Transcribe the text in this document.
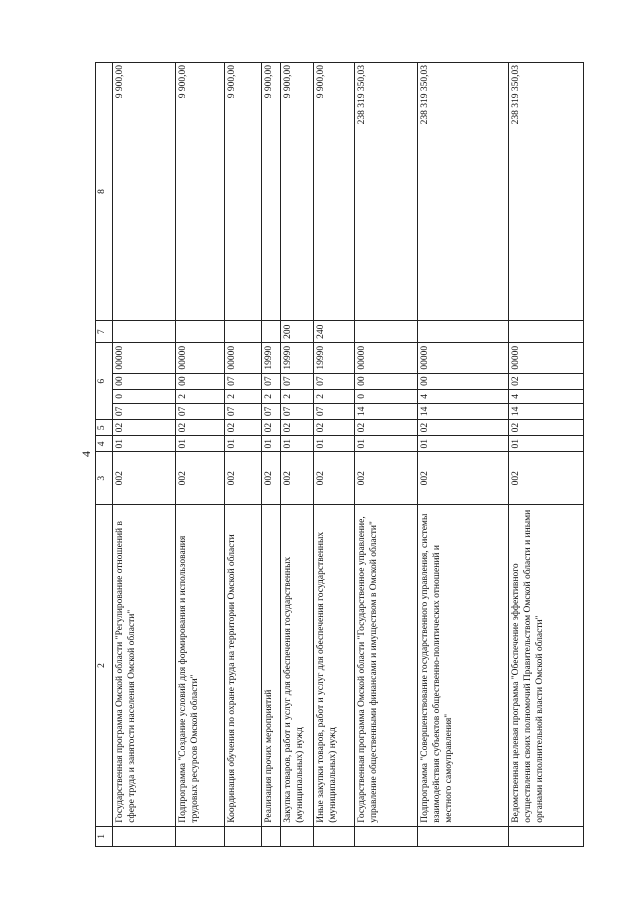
4
1	2	3	4	5	6				7	8
	Государственная программа Омской области "Регулирование отношений в сфере труда и занятости населения Омской области"	002	01	02	07	0	00	00000		9 900,00
	Подпрограмма "Создание условий для формирования и использования трудовых ресурсов Омской области"	002	01	02	07	2	00	00000		9 900,00
	Координация обучения по охране труда на территории Омской области	002	01	02	07	2	07	00000		9 900,00
	Реализация прочих мероприятий	002	01	02	07	2	07	19990		9 900,00
	Закупка товаров, работ и услуг для обеспечения государственных (муниципальных) нужд	002	01	02	07	2	07	19990	200	9 900,00
	Иные закупки товаров, работ и услуг для обеспечения государственных (муниципальных) нужд	002	01	02	07	2	07	19990	240	9 900,00
	Государственная программа Омской области "Государственное управление, управление общественными финансами и имуществом в Омской области"	002	01	02	14	0	00	00000		238 319 350,03
	Подпрограмма "Совершенствование государственного управления, системы взаимодействия субъектов общественно-политических отношений и местного самоуправления"	002	01	02	14	4	00	00000		238 319 350,03
	Ведомственная целевая программа "Обеспечение эффективного осуществления своих полномочий Правительством Омской области и иными органами исполнительной власти Омской области"	002	01	02	14	4	02	00000		238 319 350,03
